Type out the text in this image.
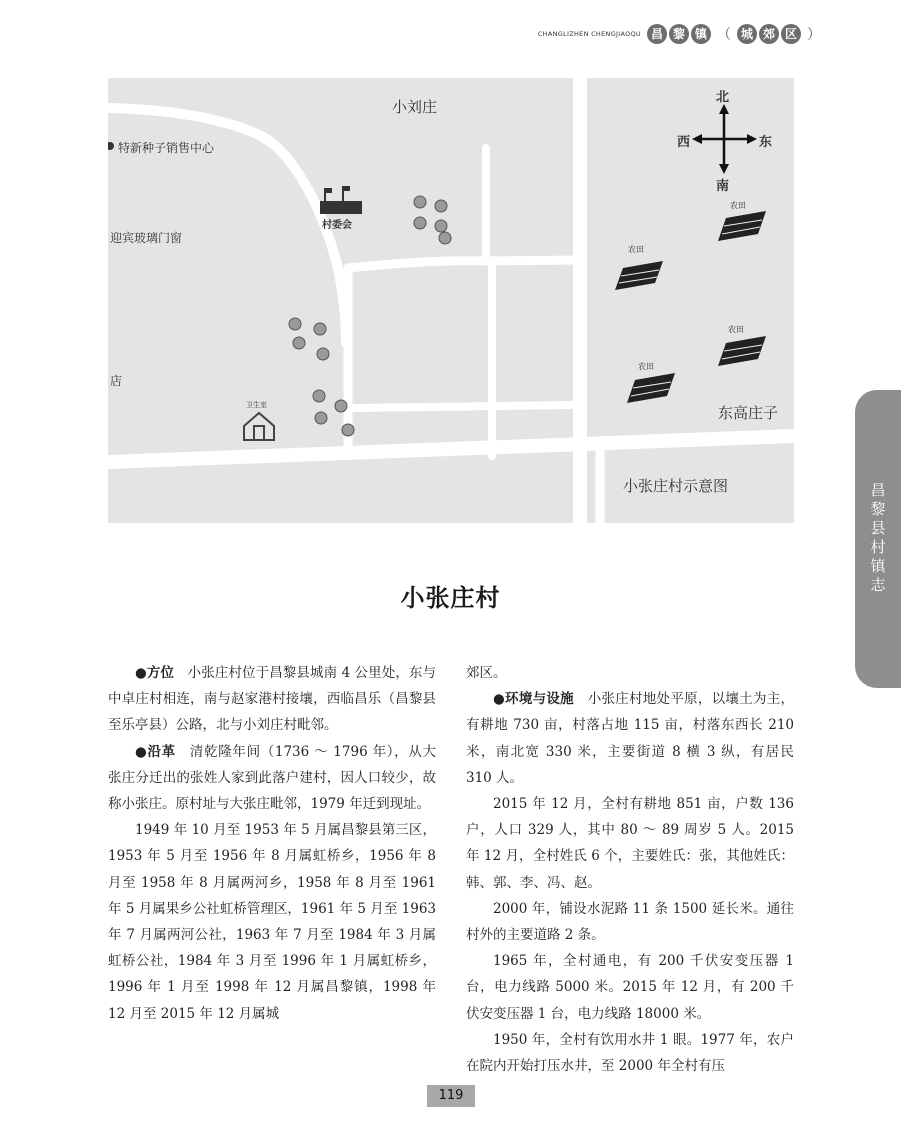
CHANGLIZHEN CHENGJIAOQU 昌 黎 镇 （ 城 郊 区 ）
小刘庄
特新种子销售中心
迎宾玻璃门窗
店
村委会
卫生室
农田
农田
农田
农田
东高庄子
小张庄村示意图
北
南
西	东
昌黎县村镇志
小张庄村

●方位　小张庄村位于昌黎县城南 4 公里处，东与中卓庄村相连，南与赵家港村接壤，西临昌乐（昌黎县至乐亭县）公路，北与小刘庄村毗邻。

●沿革　清乾隆年间（1736 ～ 1796 年），从大张庄分迁出的张姓人家到此落户建村，因人口较少，故称小张庄。原村址与大张庄毗邻，1979 年迁到现址。

1949 年 10 月至 1953 年 5 月属昌黎县第三区，1953 年 5 月至 1956 年 8 月属虹桥乡，1956 年 8 月至 1958 年 8 月属两河乡，1958 年 8 月至 1961 年 5 月属果乡公社虹桥管理区，1961 年 5 月至 1963 年 7 月属两河公社，1963 年 7 月至 1984 年 3 月属虹桥公社，1984 年 3 月至 1996 年 1 月属虹桥乡，1996 年 1 月至 1998 年 12 月属昌黎镇，1998 年 12 月至 2015 年 12 月属城

郊区。

●环境与设施　小张庄村地处平原，以壤土为主，有耕地 730 亩，村落占地 115 亩，村落东西长 210 米，南北宽 330 米，主要街道 8 横 3 纵，有居民 310 人。

2015 年 12 月，全村有耕地 851 亩，户数 136 户，人口 329 人，其中 80 ～ 89 周岁 5 人。2015 年 12 月，全村姓氏 6 个，主要姓氏：张，其他姓氏：韩、郭、李、冯、赵。

2000 年，铺设水泥路 11 条 1500 延长米。通往村外的主要道路 2 条。

1965 年，全村通电，有 200 千伏安变压器 1 台，电力线路 5000 米。2015 年 12 月，有 200 千伏安变压器 1 台，电力线路 18000 米。

1950 年，全村有饮用水井 1 眼。1977 年，农户在院内开始打压水井，至 2000 年全村有压

119
